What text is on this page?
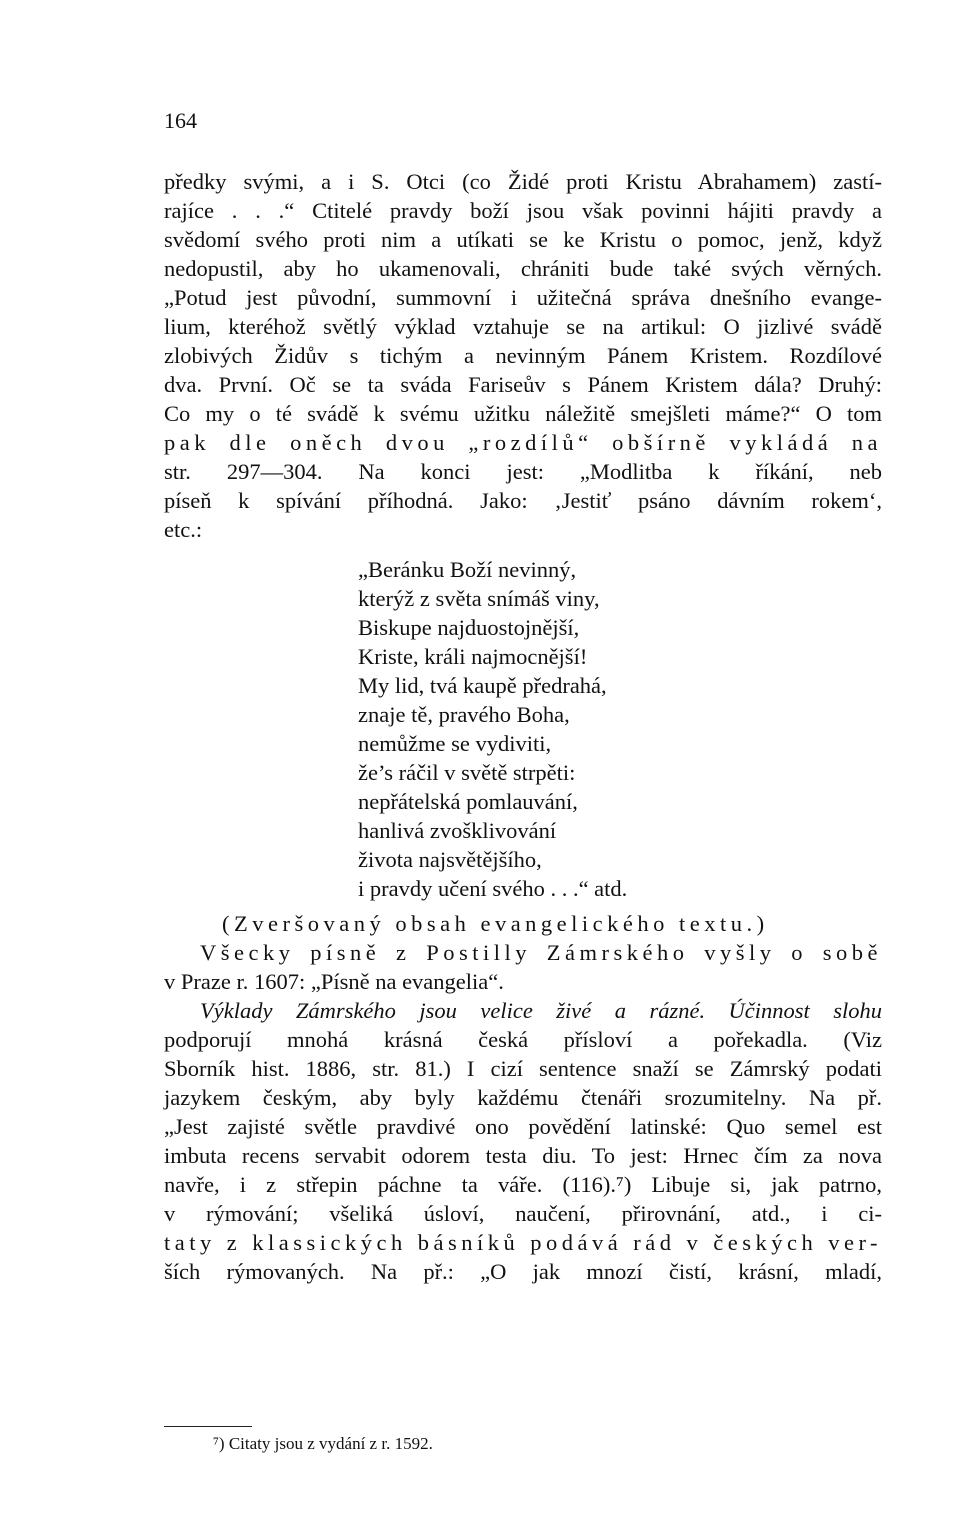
164
předky svými, a i S. Otci (co Židé proti Kristu Abrahamem) zastí-
rajíce . . .“ Ctitelé pravdy boží jsou však povinni hájiti pravdy a
svědomí svého proti nim a utíkati se ke Kristu o pomoc, jenž, když
nedopustil, aby ho ukamenovali, chrániti bude také svých věrných.
„Potud jest původní, summovní i užitečná správa dnešního evange-
lium, kteréhož světlý výklad vztahuje se na artikul: O jizlivé svádě
zlobivých Židův s tichým a nevinným Pánem Kristem. Rozdílové
dva. První. Oč se ta sváda Fariseův s Pánem Kristem dála? Druhý:
Co my o té svádě k svému užitku náležitě smejšleti máme?“ O tom
pak dle oněch dvou „rozdílů“ obšírně vykládá na
str. 297—304. Na konci jest: „Modlitba k říkání, neb
píseň k spívání příhodná. Jako: ‚Jestiť psáno dávním rokem‘,
etc.:
„Beránku Boží nevinný,
kterýž z světa snímáš viny,
Biskupe najduostojnější,
Kriste, králi najmocnější!
My lid, tvá kaupě předrahá,
znaje tě, pravého Boha,
nemůžme se vydiviti,
že’s ráčil v světě strpěti:
nepřátelská pomlauvání,
hanlivá zvošklivování
života najsvětějšího,
i pravdy učení svého . . .“ atd.
(Zveršovaný obsah evangelického textu.)
Všecky písně z Postilly Zámrského vyšly o sobě
v Praze r. 1607: „Písně na evangelia“.
Výklady Zámrského jsou velice živé a rázné. Účinnost slohu
podporují mnohá krásná česká přísloví a pořekadla. (Viz
Sborník hist. 1886, str. 81.) I cizí sentence snaží se Zámrský podati
jazykem českým, aby byly každému čtenáři srozumitelny. Na př.
„Jest zajisté světle pravdivé ono povědění latinské: Quo semel est
imbuta recens servabit odorem testa diu. To jest: Hrnec čím za nova
navře, i z střepin páchne ta váře. (116).⁷) Libuje si, jak patrno,
v rýmování; všeliká úsloví, naučení, přirovnání, atd., i ci-
taty z klassických básníků podává rád v českých ver-
ších rýmovaných. Na př.: „O jak mnozí čistí, krásní, mladí,
⁷) Citaty jsou z vydání z r. 1592.
